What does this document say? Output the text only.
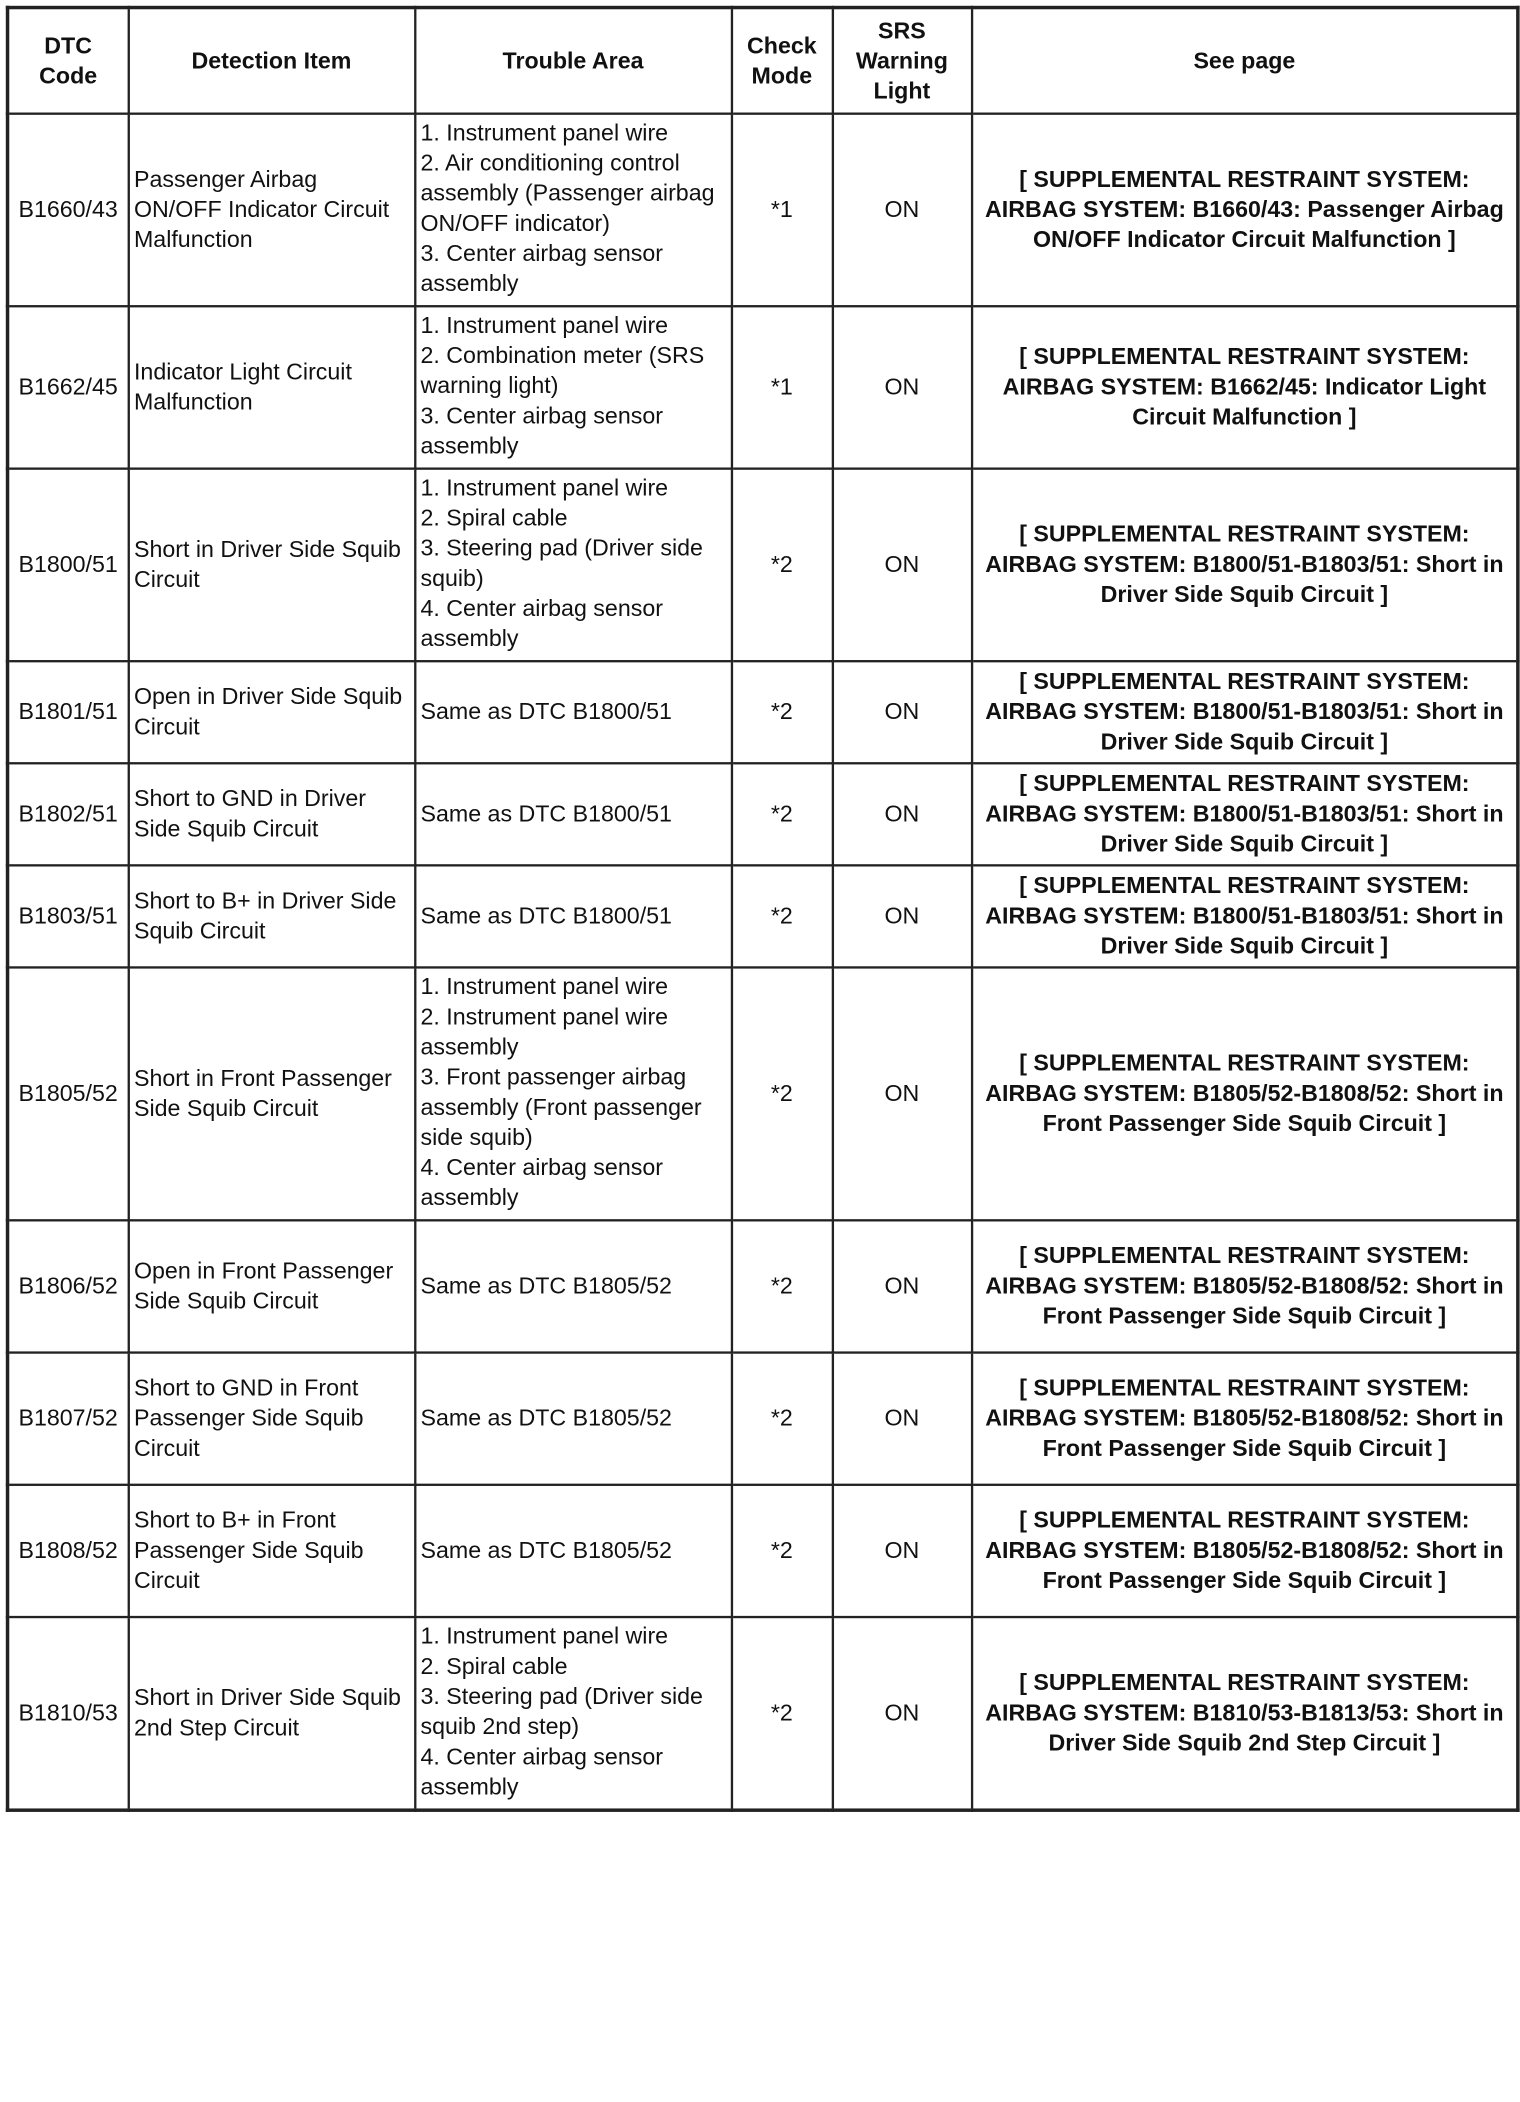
DTC Code	Detection Item	Trouble Area	Check Mode	SRS Warning Light	See page
B1660/43	Passenger Airbag ON/OFF Indicator Circuit Malfunction	1. Instrument panel wire
2. Air conditioning control assembly (Passenger airbag ON/OFF indicator)
3. Center airbag sensor assembly	*1	ON	[ SUPPLEMENTAL RESTRAINT SYSTEM: AIRBAG SYSTEM: B1660/43: Passenger Airbag ON/OFF Indicator Circuit Malfunction ]
B1662/45	Indicator Light Circuit Malfunction	1. Instrument panel wire
2. Combination meter (SRS warning light)
3. Center airbag sensor assembly	*1	ON	[ SUPPLEMENTAL RESTRAINT SYSTEM: AIRBAG SYSTEM: B1662/45: Indicator Light Circuit Malfunction ]
B1800/51	Short in Driver Side Squib Circuit	1. Instrument panel wire
2. Spiral cable
3. Steering pad (Driver side squib)
4. Center airbag sensor assembly	*2	ON	[ SUPPLEMENTAL RESTRAINT SYSTEM: AIRBAG SYSTEM: B1800/51-B1803/51: Short in Driver Side Squib Circuit ]
B1801/51	Open in Driver Side Squib Circuit	Same as DTC B1800/51	*2	ON	[ SUPPLEMENTAL RESTRAINT SYSTEM: AIRBAG SYSTEM: B1800/51-B1803/51: Short in Driver Side Squib Circuit ]
B1802/51	Short to GND in Driver Side Squib Circuit	Same as DTC B1800/51	*2	ON	[ SUPPLEMENTAL RESTRAINT SYSTEM: AIRBAG SYSTEM: B1800/51-B1803/51: Short in Driver Side Squib Circuit ]
B1803/51	Short to B+ in Driver Side Squib Circuit	Same as DTC B1800/51	*2	ON	[ SUPPLEMENTAL RESTRAINT SYSTEM: AIRBAG SYSTEM: B1800/51-B1803/51: Short in Driver Side Squib Circuit ]
B1805/52	Short in Front Passenger Side Squib Circuit	1. Instrument panel wire
2. Instrument panel wire assembly
3. Front passenger airbag assembly (Front passenger side squib)
4. Center airbag sensor assembly	*2	ON	[ SUPPLEMENTAL RESTRAINT SYSTEM: AIRBAG SYSTEM: B1805/52-B1808/52: Short in Front Passenger Side Squib Circuit ]
B1806/52	Open in Front Passenger Side Squib Circuit	Same as DTC B1805/52	*2	ON	[ SUPPLEMENTAL RESTRAINT SYSTEM: AIRBAG SYSTEM: B1805/52-B1808/52: Short in Front Passenger Side Squib Circuit ]
B1807/52	Short to GND in Front Passenger Side Squib Circuit	Same as DTC B1805/52	*2	ON	[ SUPPLEMENTAL RESTRAINT SYSTEM: AIRBAG SYSTEM: B1805/52-B1808/52: Short in Front Passenger Side Squib Circuit ]
B1808/52	Short to B+ in Front Passenger Side Squib Circuit	Same as DTC B1805/52	*2	ON	[ SUPPLEMENTAL RESTRAINT SYSTEM: AIRBAG SYSTEM: B1805/52-B1808/52: Short in Front Passenger Side Squib Circuit ]
B1810/53	Short in Driver Side Squib 2nd Step Circuit	1. Instrument panel wire
2. Spiral cable
3. Steering pad (Driver side squib 2nd step)
4. Center airbag sensor assembly	*2	ON	[ SUPPLEMENTAL RESTRAINT SYSTEM: AIRBAG SYSTEM: B1810/53-B1813/53: Short in Driver Side Squib 2nd Step Circuit ]
